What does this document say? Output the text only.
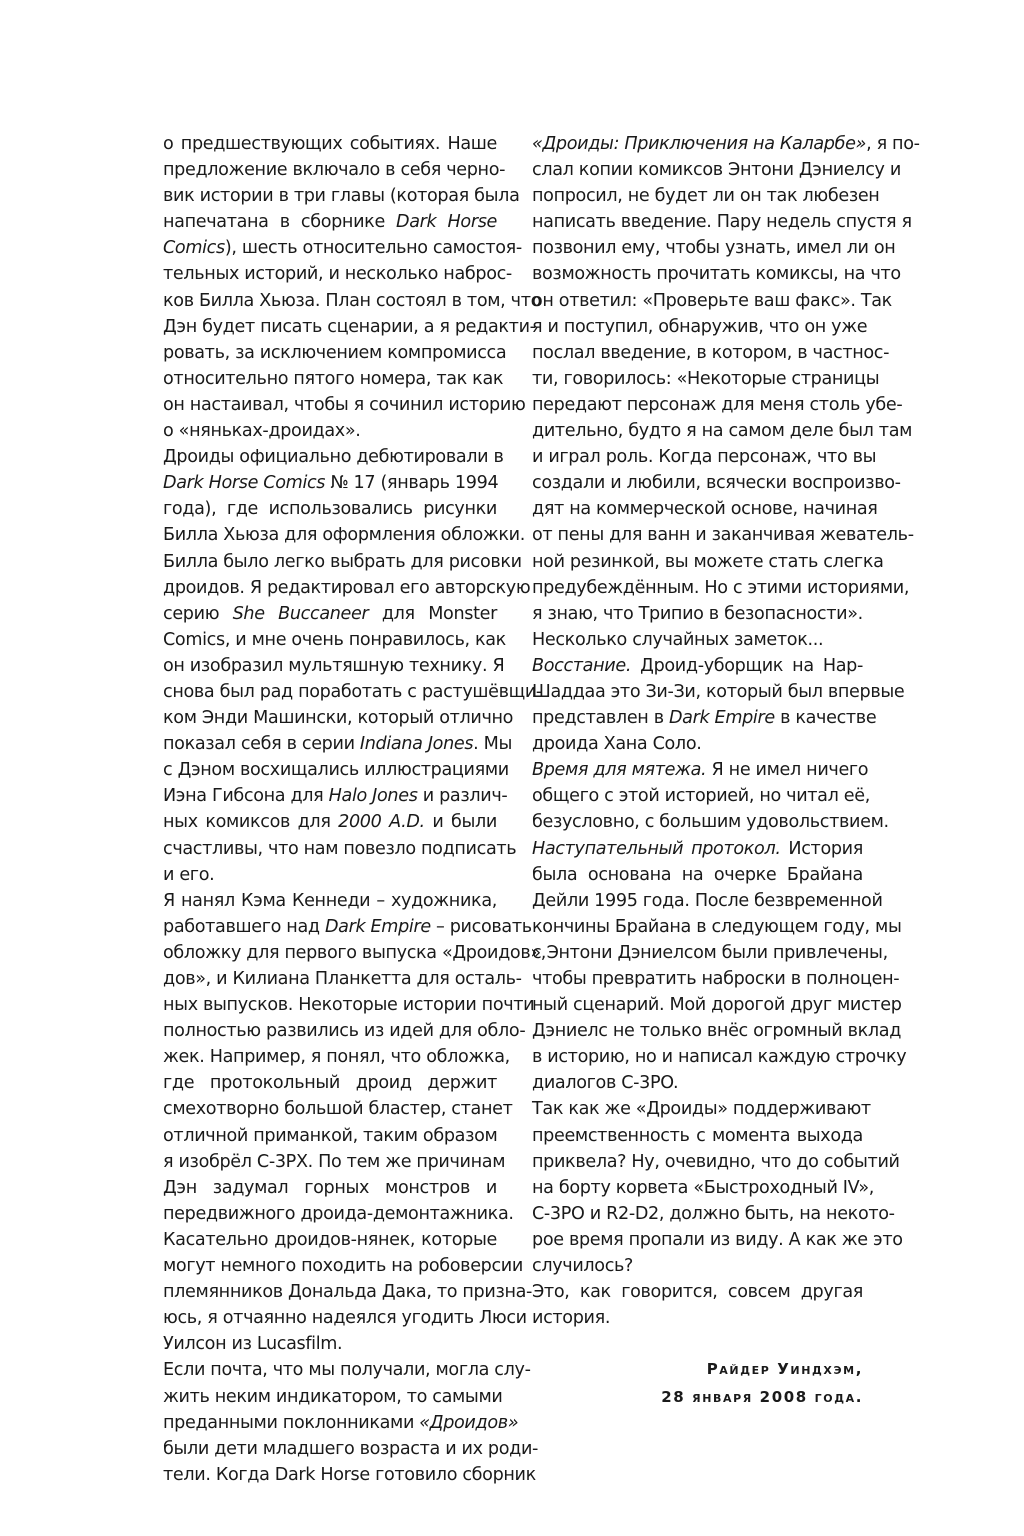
о предшествующих событиях. Наше
предложение включало в себя черно-
вик истории в три главы (которая была
напечатана в сборнике Dark Horse
Comics), шесть относительно самостоя-
тельных историй, и несколько наброс-
ков Билла Хьюза. План состоял в том, что
Дэн будет писать сценарии, а я редакти-
ровать, за исключением компромисса
относительно пятого номера, так как
он настаивал, чтобы я сочинил историю
о «няньках-дроидах».
Дроиды официально дебютировали в
Dark Horse Comics № 17 (январь 1994
года), где использовались рисунки
Билла Хьюза для оформления обложки.
Билла было легко выбрать для рисовки
дроидов. Я редактировал его авторскую
серию She Buccaneer для Monster
Comics, и мне очень понравилось, как
он изобразил мультяшную технику. Я
снова был рад поработать с растушёвщи-
ком Энди Машински, который отлично
показал себя в серии Indiana Jones. Мы
с Дэном восхищались иллюстрациями
Иэна Гибсона для Halo Jones и различ-
ных комиксов для 2000 A.D. и были
счастливы, что нам повезло подписать
и его.
Я нанял Кэма Кеннеди – художника,
работавшего над Dark Empire – рисовать
обложку для первого выпуска «Дроидов»,
дов», и Килиана Планкетта для осталь-
ных выпусков. Некоторые истории почти
полностью развились из идей для обло-
жек. Например, я понял, что обложка,
где протокольный дроид держит
смехотворно большой бластер, станет
отличной приманкой, таким образом
я изобрёл C-3PX. По тем же причинам
Дэн задумал горных монстров и
передвижного дроида-демонтажника.
Касательно дроидов-нянек, которые
могут немного походить на робоверсии
племянников Дональда Дака, то призна-
юсь, я отчаянно надеялся угодить Люси
Уилсон из Lucasfilm.
Если почта, что мы получали, могла слу-
жить неким индикатором, то самыми
преданными поклонниками «Дроидов»
были дети младшего возраста и их роди-
тели. Когда Dark Horse готовило сборник
«Дроиды: Приключения на Каларбе», я по-
слал копии комиксов Энтони Дэниелсу и
попросил, не будет ли он так любезен
написать введение. Пару недель спустя я
позвонил ему, чтобы узнать, имел ли он
возможность прочитать комиксы, на что
он ответил: «Проверьте ваш факс». Так
я и поступил, обнаружив, что он уже
послал введение, в котором, в частнос-
ти, говорилось: «Некоторые страницы
передают персонаж для меня столь убе-
дительно, будто я на самом деле был там
и играл роль. Когда персонаж, что вы
создали и любили, всячески воспроизво-
дят на коммерческой основе, начиная
от пены для ванн и заканчивая жеватель-
ной резинкой, вы можете стать слегка
предубеждённым. Но с этими историями,
я знаю, что Трипио в безопасности».
Несколько случайных заметок...
Восстание. Дроид-уборщик на Нар-
Шаддаа это Зи-Зи, который был впервые
представлен в Dark Empire в качестве
дроида Хана Соло.
Время для мятежа. Я не имел ничего
общего с этой историей, но читал её,
безусловно, с большим удовольствием.
Наступательный протокол. История
была основана на очерке Брайана
Дейли 1995 года. После безвременной
кончины Брайана в следующем году, мы
с Энтони Дэниелсом были привлечены,
чтобы превратить наброски в полноцен-
ный сценарий. Мой дорогой друг мистер
Дэниелс не только внёс огромный вклад
в историю, но и написал каждую строчку
диалогов C-3PO.
Так как же «Дроиды» поддерживают
преемственность с момента выхода
приквела? Ну, очевидно, что до событий
на борту корвета «Быстроходный IV»,
C-3PO и R2-D2, должно быть, на некото-
рое время пропали из виду. А как же это
случилось?
Это, как говорится, совсем другая
история.
Райдер Уиндхэм,
28 января 2008 года.
